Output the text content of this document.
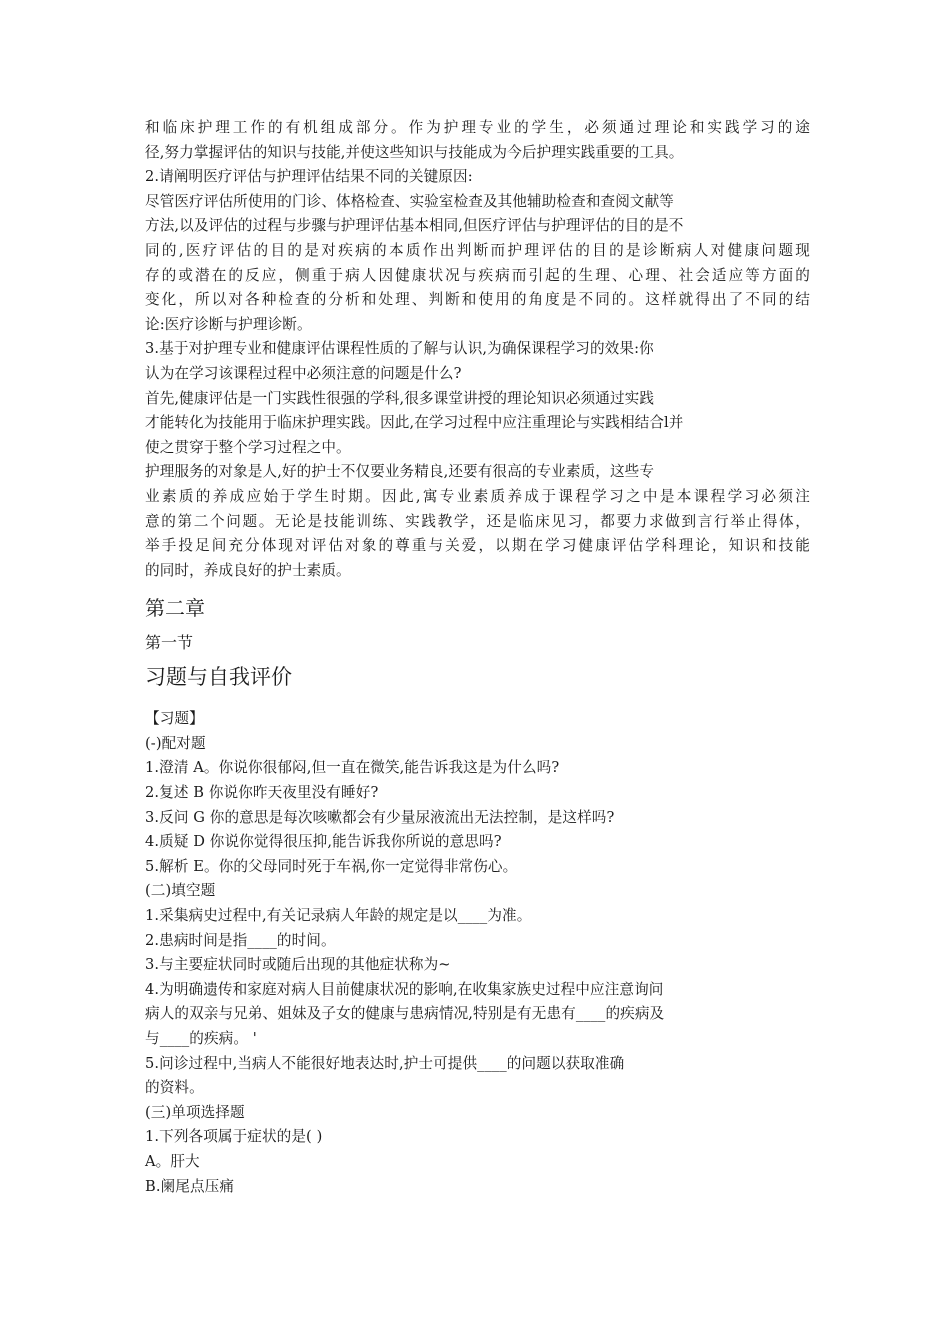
和临床护理工作的有机组成部分。作为护理专业的学生，必须通过理论和实践学习的途
径,努力掌握评估的知识与技能,并使这些知识与技能成为今后护理实践重要的工具。
2.请阐明医疗评估与护理评估结果不同的关键原因:
尽管医疗评估所使用的门诊、体格检查、实验室检查及其他辅助检查和查阅文献等
方法,以及评估的过程与步骤与护理评估基本相同,但医疗评估与护理评估的目的是不
同的,医疗评估的目的是对疾病的本质作出判断而护理评估的目的是诊断病人对健康问题现
存的或潜在的反应，侧重于病人因健康状况与疾病而引起的生理、心理、社会适应等方面的
变化，所以对各种检查的分析和处理、判断和使用的角度是不同的。这样就得出了不同的结
论:医疗诊断与护理诊断。
3.基于对护理专业和健康评估课程性质的了解与认识,为确保课程学习的效果:你
认为在学习该课程过程中必须注意的问题是什么?
首先,健康评估是一门实践性很强的学科,很多课堂讲授的理论知识必须通过实践
才能转化为技能用于临床护理实践。因此,在学习过程中应注重理论与实践相结合l并
使之贯穿于整个学习过程之中。
护理服务的对象是人,好的护士不仅要业务精良,还要有很高的专业素质，这些专
业素质的养成应始于学生时期。因此,寓专业素质养成于课程学习之中是本课程学习必须注
意的第二个问题。无论是技能训练、实践教学，还是临床见习，都要力求做到言行举止得体，
举手投足间充分体现对评估对象的尊重与关爱，以期在学习健康评估学科理论，知识和技能
的同时，养成良好的护士素质。
第二章
第一节
习题与自我评价
【习题】
(-)配对题
1.澄清 A。你说你很郁闷,但一直在微笑,能告诉我这是为什么吗?
2.复述 B 你说你昨天夜里没有睡好?
3.反问 G 你的意思是每次咳嗽都会有少量尿液流出无法控制，是这样吗?
4.质疑 D 你说你觉得很压抑,能告诉我你所说的意思吗?
5.解析 E。你的父母同时死于车祸,你一定觉得非常伤心。
(二)填空题
1.采集病史过程中,有关记录病人年龄的规定是以____为准。
2.患病时间是指____的时间。
3.与主要症状同时或随后出现的其他症状称为~
4.为明确遗传和家庭对病人目前健康状况的影响,在收集家族史过程中应注意询问
病人的双亲与兄弟、姐妹及子女的健康与患病情况,特别是有无患有____的疾病及
与____的疾病。 '
5.问诊过程中,当病人不能很好地表达时,护士可提供____的问题以获取准确
的资料。
(三)单项选择题
1.下列各项属于症状的是( )
A。肝大
B.阑尾点压痛
